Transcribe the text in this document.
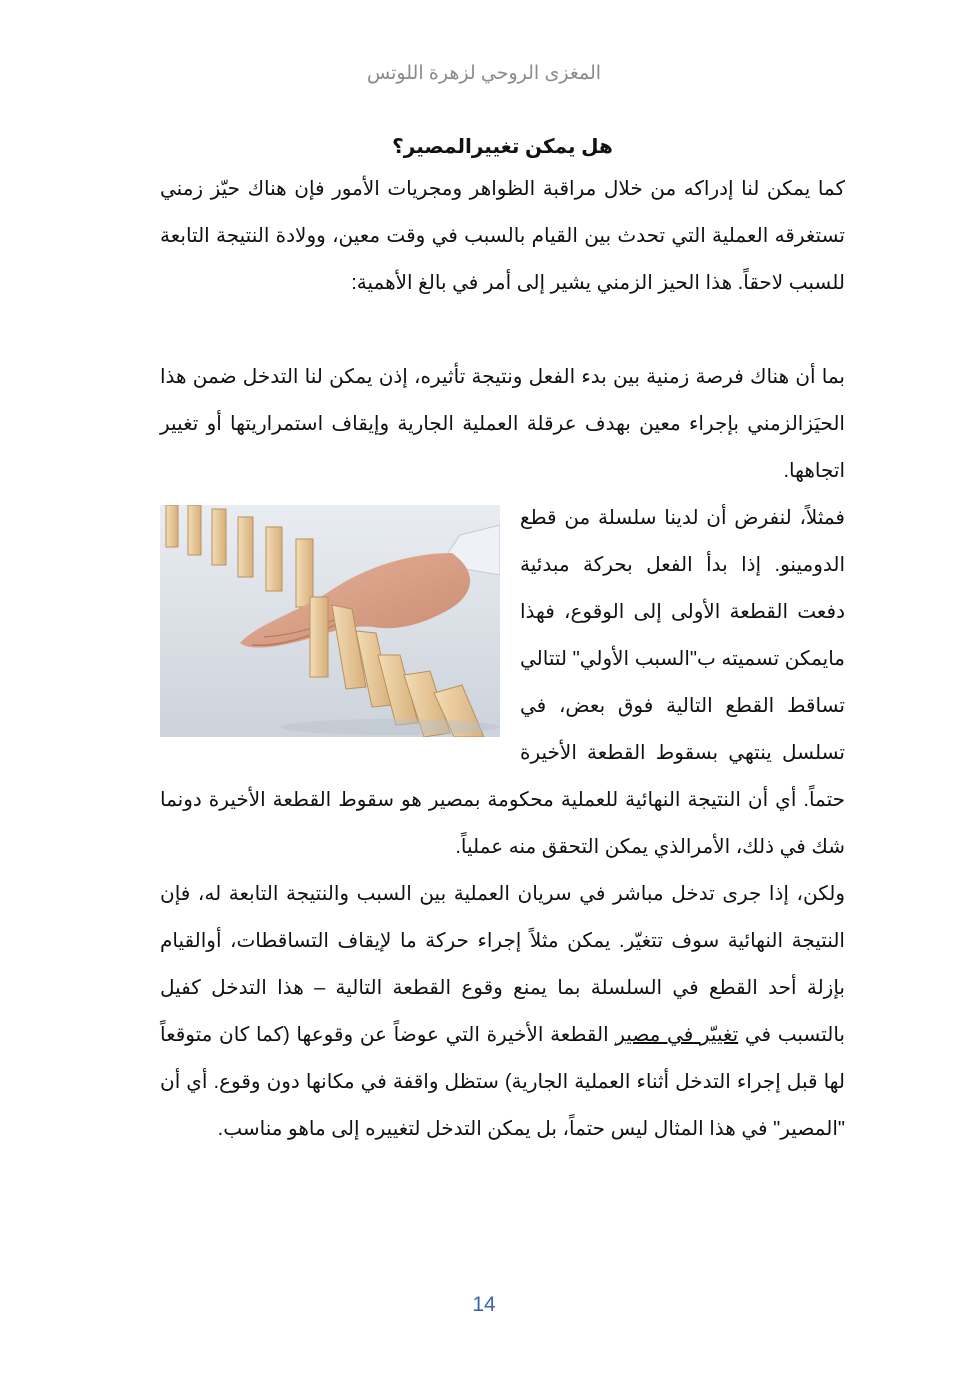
المغزى الروحي لزهرة اللوتس

هل يمكن تغييرالمصير؟

كما يمكن لنا إدراكه من خلال مراقبة الظواهر ومجريات الأمور فإن هناك حيّز زمني تستغرقه العملية التي تحدث بين القيام بالسبب في وقت معين، وولادة النتيجة التابعة للسبب لاحقاً. هذا الحيز الزمني يشير إلى أمر في بالغ الأهمية:

بما أن هناك فرصة زمنية بين بدء الفعل ونتيجة تأثيره، إذن يمكن لنا التدخل ضمن هذا الحيَزالزمني بإجراء معين بهدف عرقلة العملية الجارية وإيقاف استمراريتها أو تغيير اتجاهها.

فمثلاً، لنفرض أن لدينا سلسلة من قطع الدومينو. إذا بدأ الفعل بحركة مبدئية دفعت القطعة الأولى إلى الوقوع، فهذا مايمكن تسميته ب"السبب الأولي" لتتالي تساقط القطع التالية فوق بعض، في تسلسل ينتهي بسقوط القطعة الأخيرة حتماً. أي أن النتيجة النهائية للعملية محكومة بمصير هو سقوط القطعة الأخيرة دونما شك في ذلك، الأمرالذي يمكن التحقق منه عملياً.

ولكن، إذا جرى تدخل مباشر في سريان العملية بين السبب والنتيجة التابعة له، فإن النتيجة النهائية سوف تتغيّر. يمكن مثلاً إجراء حركة ما لإيقاف التساقطات، أوالقيام بإزلة أحد القطع في السلسلة بما يمنع وقوع القطعة التالية – هذا التدخل كفيل بالتسبب في تغييّر في مصير القطعة الأخيرة التي عوضاً عن وقوعها (كما كان متوقعاً لها قبل إجراء التدخل أثناء العملية الجارية) ستظل واقفة في مكانها دون وقوع. أي أن "المصير" في هذا المثال ليس حتماً، بل يمكن التدخل لتغييره إلى ماهو مناسب.

14
